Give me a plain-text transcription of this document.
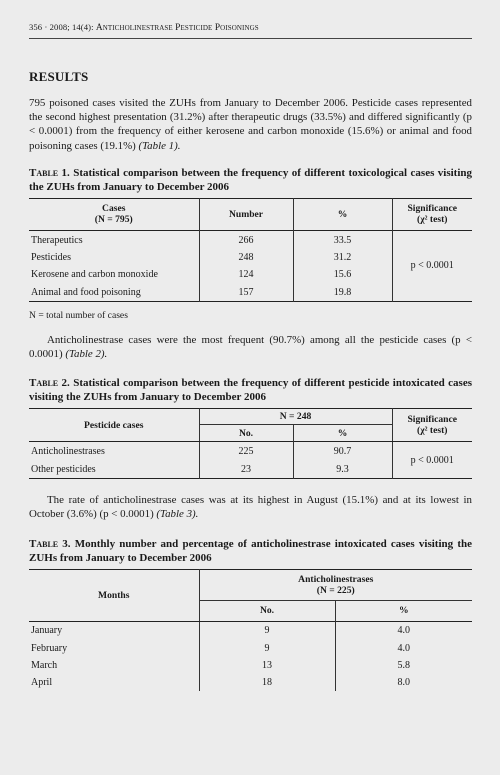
356 · 2008; 14(4): Anticholinestrase Pesticide Poisonings
RESULTS

795 poisoned cases visited the ZUHs from January to December 2006. Pesticide cases represented the second highest presentation (31.2%) after therapeutic drugs (33.5%) and differed significantly (p < 0.0001) from the frequency of either kerosene and carbon monoxide (15.6%) or animal and food poisoning cases (19.1%) (Table 1).

Table 1. Statistical comparison between the frequency of different toxicological cases visiting the ZUHs from January to December 2006

Cases
(N = 795)	Number	%	Significance
(χ² test)
Therapeutics	266	33.5	p < 0.0001
Pesticides	248	31.2	
Kerosene and carbon monoxide	124	15.6	
Animal and food poisoning	157	19.8	

N = total number of cases

Anticholinestrase cases were the most frequent (90.7%) among all the pesticide cases (p < 0.0001) (Table 2).

Table 2. Statistical comparison between the frequency of different pesticide intoxicated cases visiting the ZUHs from January to December 2006

Pesticide cases	N = 248		Significance
(χ² test)
	No.	%	
Anticholinestrases	225	90.7	p < 0.0001
Other pesticides	23	9.3	

The rate of anticholinestrase cases was at its highest in August (15.1%) and at its lowest in October (3.6%) (p < 0.0001) (Table 3).

Table 3. Monthly number and percentage of anticholinestrase intoxicated cases visiting the ZUHs from January to December 2006

Months	Anticholinestrases
(N = 225)	
	No.	%
January	9	4.0
February	9	4.0
March	13	5.8
April	18	8.0
